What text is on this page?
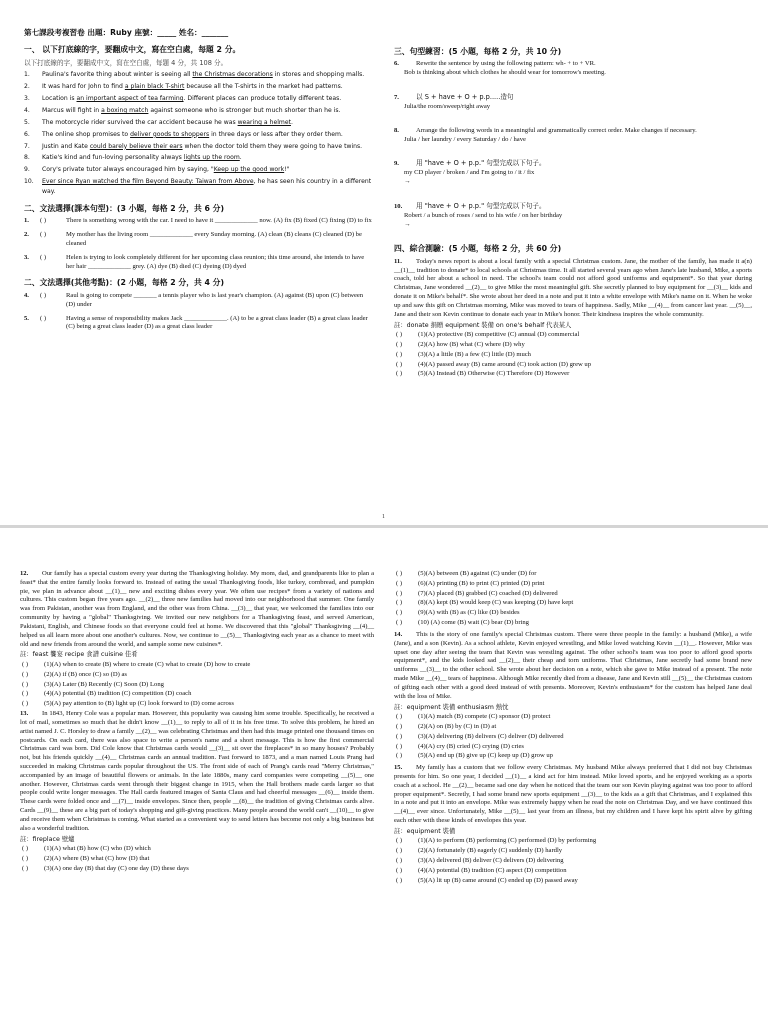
第七課段考複習卷 出題：Ruby 座號：_____ 姓名：_______
一、 以下打底線的字，要翻成中文，寫在空白處，每題 2 分。
以下打底線的字，要翻成中文，寫在空白處，每題 4 分，共 108 分。
1.	Paulina's favorite thing about winter is seeing all the Christmas decorations in stores and shopping malls.
2.	It was hard for John to find a plain black T-shirt because all the T-shirts in the market had patterns.
3.	Location is an important aspect of tea farming. Different places can produce totally different teas.
4.	Marcus will fight in a boxing match against someone who is stronger but much shorter than he is.
5.	The motorcycle rider survived the car accident because he was wearing a helmet.
6.	The online shop promises to deliver goods to shoppers in three days or less after they order them.
7.	Justin and Kate could barely believe their ears when the doctor told them they were going to have twins.
8.	Katie's kind and fun-loving personality always lights up the room.
9.	Cory's private tutor always encouraged him by saying, "Keep up the good work!"
10.	Ever since Ryan watched the film Beyond Beauty: Taiwan from Above, he has seen his country in a different way.
二、文法選擇(課本句型)：(3 小題，每格 2 分，共 6 分)
1.	( )	There is something wrong with the car. I need to have it _____________ now. (A) fix (B) fixed (C) fixing (D) to fix
2.	( )	My mother has the living room _____________ every Sunday morning. (A) clean (B) cleans (C) cleaned (D) be cleaned
3.	( )	Helen is trying to look completely different for her upcoming class reunion; this time around, she intends to have her hair _____________ grey. (A) dye (B) died (C) dyeing (D) dyed
二、文法選擇(其他考點)：(2 小題，每格 2 分，共 4 分)
4.	( )	Raul is going to compete _______ a tennis player who is last year's champion. (A) against (B) upon (C) between (D) under
5.	( )	Having a sense of responsibility makes Jack _____________. (A) to be a great class leader (B) a great class leader (C) being a great class leader (D) as a great class leader
三、句型練習：(5 小題，每格 2 分，共 10 分)
6.	Rewrite the sentence by using the following pattern: wh- + to + VR.
Bob is thinking about which clothes he should wear for tomorrow's meeting.
7.	以 S + have + O + p.p.....造句
Julia/the room/sweep/right away
8.	Arrange the following words in a meaningful and grammatically correct order. Make changes if necessary.
Julia / her laundry / every Saturday / do / have
9.	用 "have + O + p.p." 句型完成以下句子。
my CD player / broken / and I'm going to / it / fix
→
10. 用 "have + O + p.p." 句型完成以下句子。
Robert / a bunch of roses / send to his wife / on her birthday
→
四、綜合測驗：(5 小題，每格 2 分，共 60 分)
11. Today's news report is about a local family with a special Christmas custom. Jane, the mother of the family, has made it a(n) __(1)__ tradition to donate* to local schools at Christmas time. It all started several years ago when Jane's late husband, Mike, a sports coach, told her about a school in need. The school's team could not afford good uniforms and equipment*. So that year during Christmas, Jane wondered __(2)__ to give Mike the most meaningful gift. She secretly planned to buy equipment for __(3)__ kids and donate it on Mike's behalf*. She wrote about her deed in a note and put it into a white envelope with Mike's name on it. When he woke up and saw this gift on Christmas morning, Mike was moved to tears of happiness. Sadly, Mike __(4)__ from cancer last year. __(5)__, Jane and their son Kevin continue to donate each year in Mike's honor. Their kindness inspires the whole community.
註：donate 捐贈 equipment 裝備 on one's behalf 代表某人
( )	(1)(A) protective (B) competitive (C) annual (D) commercial
( )	(2)(A) how (B) what (C) where (D) why
( )	(3)(A) a little (B) a few (C) little (D) much
( )	(4)(A) passed away (B) came around (C) took action (D) grew up
( )	(5)(A) Instead (B) Otherwise (C) Therefore (D) However
1
12. Our family has a special custom every year during the Thanksgiving holiday. My mom, dad, and grandparents like to plan a feast* that the entire family looks forward to. Instead of eating the usual Thanksgiving foods, like turkey, cornbread, and pumpkin pie, we plan in advance about __(1)__ new and exciting dishes every year. We often use recipes* from a variety of nations and cultures. This custom began five years ago. __(2)__ three new families had moved into our neighborhood that summer. One family was from Pakistan, another was from England, and the other was from China. __(3)__ that year, we welcomed the families into our community by having a "global" Thanksgiving. We invited our new neighbors for a Thanksgiving feast, and served American, Pakistani, English, and Chinese foods so that everyone could feel at home. We discovered that this "global" Thanksgiving __(4)__ helped us all learn more about one another's cultures. Now, we continue to __(5)__ Thanksgiving each year as a chance to meet with old and new friends from around the world, and sample some new cuisines*.
註：feast 饗宴 recipe 食譜 cuisine 佳肴
( )	(1)(A) when to create (B) where to create (C) what to create (D) how to create
( )	(2)(A) if (B) once (C) so (D) as
( )	(3)(A) Later (B) Recently (C) Soon (D) Long
( )	(4)(A) potential (B) tradition (C) competition (D) coach
( )	(5)(A) pay attention to (B) light up (C) look forward to (D) come across
13. In 1843, Henry Cole was a popular man. However, this popularity was causing him some trouble. Specifically, he received a lot of mail, sometimes so much that he didn't know __(1)__ to reply to all of it in his free time. To solve this problem, he hired an artist named J. C. Horsley to draw a family __(2)__ was celebrating Christmas and then had this image printed one thousand times on postcards. On each card, there was also space to write a person's name and a short message. This is how the first commercial Christmas card was born. Did Cole know that Christmas cards would __(3)__ sit over the fireplaces* in so many houses? Probably not, but his friends quickly __(4)__ Christmas cards an annual tradition. Fast forward to 1873, and a man named Louis Prang had succeeded in making Christmas cards popular throughout the US. The front side of each of Prang's cards read "Merry Christmas," accompanied by an image of beautiful flowers or animals. In the late 1880s, many card companies were competing __(5)__ one another. However, Christmas cards went through their biggest change in 1915, when the Hall brothers made cards larger so that people could write longer messages. The Hall cards featured images of Santa Claus and had cheerful messages __(6)__ inside them. These cards were folded once and __(7)__ inside envelopes. Since then, people __(8)__ the tradition of giving Christmas cards alive. Cards __(9)__ these are a big part of today's shopping and gift-giving practices. Many people around the world can't __(10)__ to give and receive them when Christmas is coming. What started as a convenient way to send letters has become not only a big business but also a wonderful tradition.
註：fireplace 壁爐
( )	(1)(A) what (B) how (C) who (D) which
( )	(2)(A) where (B) what (C) how (D) that
( )	(3)(A) one day (B) that day (C) one day (D) these days
( )	(5)(A) between (B) against (C) under (D) for
( )	(6)(A) printing (B) to print (C) printed (D) print
( )	(7)(A) placed (B) grabbed (C) coached (D) delivered
( )	(8)(A) kept (B) would keep (C) was keeping (D) have kept
( )	(9)(A) with (B) as (C) like (D) besides
( )	(10) (A) come (B) wait (C) bear (D) bring
14. This is the story of one family's special Christmas custom. There were three people in the family: a husband (Mike), a wife (Jane), and a son (Kevin). As a school athlete, Kevin enjoyed wrestling, and Mike loved watching Kevin __(1)__. However, Mike was upset one day after seeing the team that Kevin was wrestling against. The other school's team was too poor to afford good sports equipment*, and the kids looked sad __(2)__ their cheap and torn uniforms. That Christmas, Jane secretly had some brand new uniforms __(3)__ to the other school. She wrote about her decision on a note, which she gave to Mike instead of a present. The note made Mike __(4)__ tears of happiness. Although Mike recently died from a disease, Jane and Kevin still __(5)__ the Christmas custom of gifting each other with a good deed instead of with presents. Moreover, Kevin's enthusiasm* for the custom has helped Jane deal with the loss of Mike.
註：equipment 裝備 enthusiasm 熱忱
( )	(1)(A) match (B) compete (C) sponsor (D) protect
( )	(2)(A) on (B) by (C) in (D) at
( )	(3)(A) delivering (B) delivers (C) deliver (D) delivered
( )	(4)(A) cry (B) cried (C) crying (D) cries
( )	(5)(A) end up (B) give up (C) keep up (D) grow up
15. My family has a custom that we follow every Christmas. My husband Mike always preferred that I did not buy Christmas presents for him. So one year, I decided __(1)__ a kind act for him instead. Mike loved sports, and he enjoyed working as a sports coach at a school. He __(2)__ became sad one day when he noticed that the team our son Kevin playing against was too poor to afford proper equipment*. Secretly, I had some brand new sports equipment __(3)__ to the kids as a gift that Christmas, and I explained this in a note and put it into an envelope. Mike was extremely happy when he read the note on Christmas Day, and we have continued this __(4)__ ever since. Unfortunately, Mike __(5)__ last year from an illness, but my children and I have kept his spirit alive by gifting each other with these kinds of envelopes this year.
註：equipment 裝備
( )	(1)(A) to perform (B) performing (C) performed (D) by performing
( )	(2)(A) fortunately (B) eagerly (C) suddenly (D) hardly
( )	(3)(A) delivered (B) deliver (C) delivers (D) delivering
( )	(4)(A) potential (B) tradition (C) aspect (D) competition
( )	(5)(A) lit up (B) came around (C) ended up (D) passed away
